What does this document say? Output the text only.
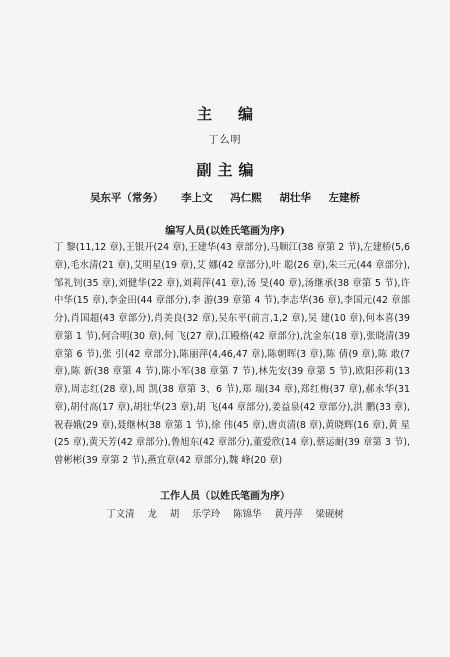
主编
丁么明
副主编
吴东平（常务） 李上文 冯仁熙 胡壮华 左建桥
编写人员(以姓氏笔画为序)
丁 黎(11,12 章),王银开(24 章),王建华(43 章部分),马顺江(38 章第 2 节),左建桥(5,6 章),毛水清(21 章),艾明星(19 章),艾 娜(42 章部分),叶 聪(26 章),朱三元(44 章部分),邹礼钊(35 章),刘健华(22 章),刘莉萍(41 章),汤 旻(40 章),汤继承(38 章第 5 节),许中华(15 章),李金田(44 章部分),李 游(39 章第 4 节),李志华(36 章),李国元(42 章部分),肖国超(43 章部分),肖美良(32 章),吴东平(前言,1,2 章),吴 建(10 章),何本喜(39 章第 1 节),何合明(30 章),何 飞(27 章),江殿格(42 章部分),沈金东(18 章),张晓清(39 章第 6 节),张 引(42 章部分),陈丽萍(4,46,47 章),陈朝晖(3 章),陈 倩(9 章),陈 敢(7 章),陈 新(38 章第 4 节),陈小军(38 章第 7 节),林先安(39 章第 5 节),欧阳莎莉(13 章),周志红(28 章),周 凯(38 章第 3、6 节),郑 瑞(34 章),郑红梅(37 章),郝永华(31 章),胡付高(17 章),胡壮华(23 章),胡 飞(44 章部分),姜益泉(42 章部分),洪 鹏(33 章),祝春娥(29 章),聂继林(38 章第 1 节),徐 伟(45 章),唐贞清(8 章),黄晓辉(16 章),黄 星(25 章),黄天芳(42 章部分),鲁旭东(42 章部分),董爱欣(14 章),蔡运耐(39 章第 3 节),曾彬彬(39 章第 2 节),燕宜章(42 章部分),魏 峰(20 章)
工作人员（以姓氏笔画为序）
丁文清 龙 胡 乐学玲 陈锦华 黄丹萍 梁砚树
